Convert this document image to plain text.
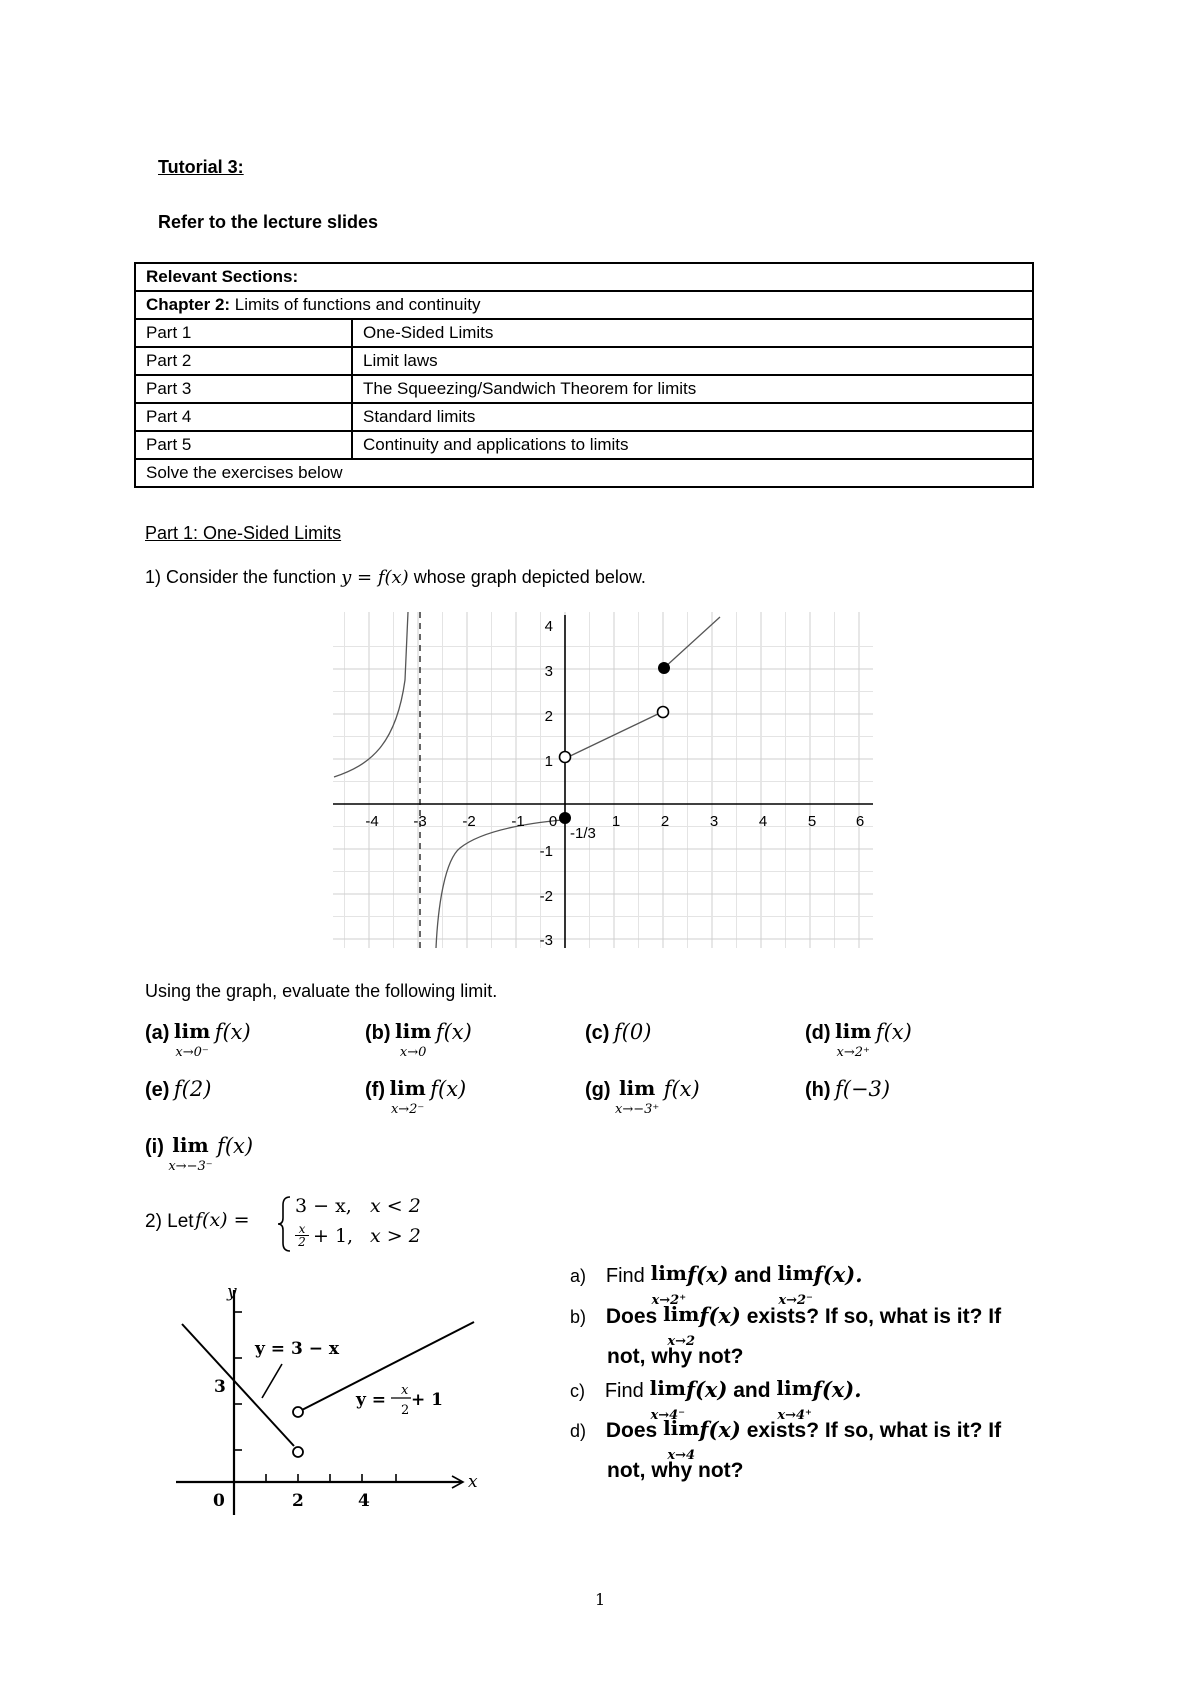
Tutorial 3:
Refer to the lecture slides
Relevant Sections:	
Chapter 2: Limits of functions and continuity	
Part 1	One-Sided Limits
Part 2	Limit laws
Part 3	The Squeezing/Sandwich Theorem for limits
Part 4	Standard limits
Part 5	Continuity and applications to limits
Solve the exercises below	
Part 1: One-Sided Limits
1) Consider the function y = f(x) whose graph depicted below.
-4 -3 -2 -1 0	1	2	3	4	5	6
4
3
2
1
-1
-2
-3
-1/3
Using the graph, evaluate the following limit.
(a) lim
x→0⁻ f(x)	(b) lim
x→0 f(x)	(c) f(0)	(d) lim
x→2⁺ f(x)
(e) f(2)	(f) lim
x→2⁻ f(x)	(g) lim
x→−3⁺ f(x)	(h) f(−3)
(i) lim
x→−3⁻ f(x)
2) Let f(x) =
3 − x, x < 2
$\frac{x}{2} + 1$, x > 2
a) Find lim
x→2⁺f(x) and lim
x→2⁻f(x).
b) Does lim
x→2f(x) exists? If so, what is it? If
not, why not?
c) Find lim
x→4⁻f(x) and lim
x→4⁺f(x).
d) Does lim
x→4f(x) exists? If so, what is it? If
not, why not?
y
x
y = 3 − x
y = x
2
+ 1
3
0	2	4
1
